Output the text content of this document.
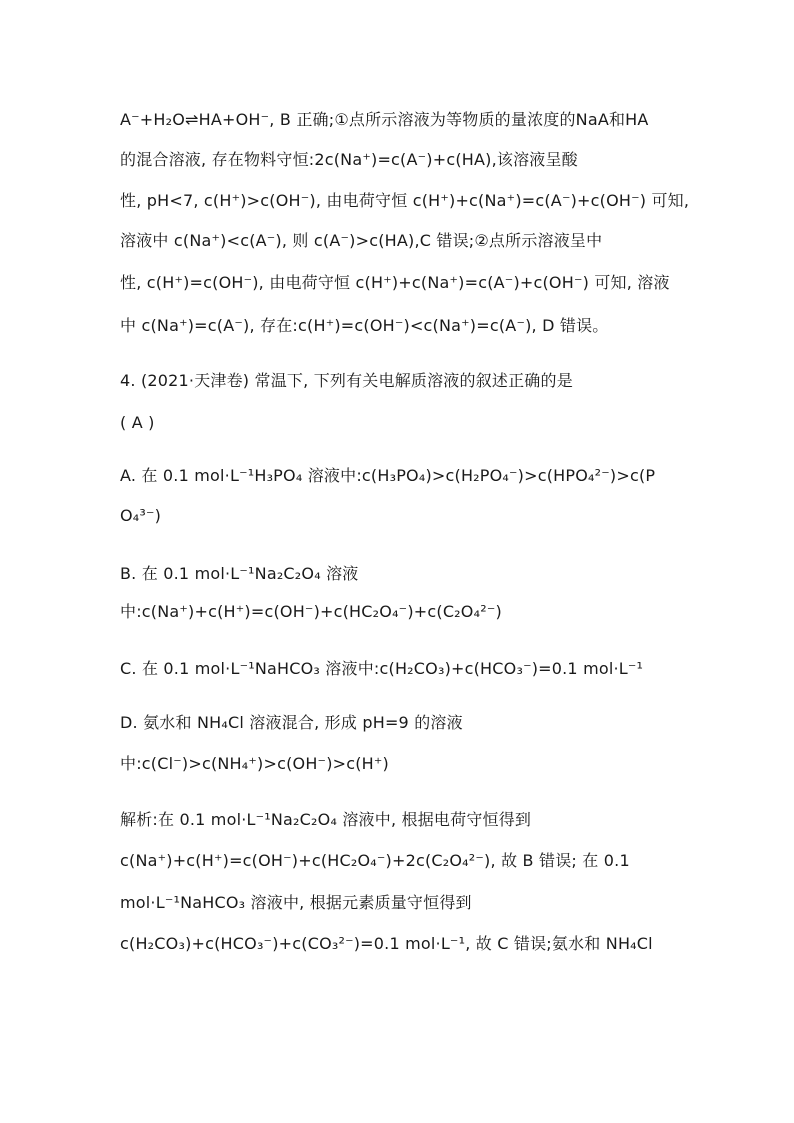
A⁻+H₂O⇌HA+OH⁻, B 正确;①点所示溶液为等物质的量浓度的NaA和HA
的混合溶液, 存在物料守恒:2c(Na⁺)=c(A⁻)+c(HA),该溶液呈酸
性, pH<7, c(H⁺)>c(OH⁻), 由电荷守恒 c(H⁺)+c(Na⁺)=c(A⁻)+c(OH⁻) 可知,
溶液中 c(Na⁺)<c(A⁻), 则 c(A⁻)>c(HA),C 错误;②点所示溶液呈中
性, c(H⁺)=c(OH⁻), 由电荷守恒 c(H⁺)+c(Na⁺)=c(A⁻)+c(OH⁻) 可知, 溶液
中 c(Na⁺)=c(A⁻), 存在:c(H⁺)=c(OH⁻)<c(Na⁺)=c(A⁻), D 错误。
4. (2021·天津卷) 常温下, 下列有关电解质溶液的叙述正确的是
( A )
A. 在 0.1 mol·L⁻¹H₃PO₄ 溶液中:c(H₃PO₄)>c(H₂PO₄⁻)>c(HPO₄²⁻)>c(P
O₄³⁻)
B. 在 0.1 mol·L⁻¹Na₂C₂O₄ 溶液
中:c(Na⁺)+c(H⁺)=c(OH⁻)+c(HC₂O₄⁻)+c(C₂O₄²⁻)
C. 在 0.1 mol·L⁻¹NaHCO₃ 溶液中:c(H₂CO₃)+c(HCO₃⁻)=0.1 mol·L⁻¹
D. 氨水和 NH₄Cl 溶液混合, 形成 pH=9 的溶液
中:c(Cl⁻)>c(NH₄⁺)>c(OH⁻)>c(H⁺)
解析:在 0.1 mol·L⁻¹Na₂C₂O₄ 溶液中, 根据电荷守恒得到
c(Na⁺)+c(H⁺)=c(OH⁻)+c(HC₂O₄⁻)+2c(C₂O₄²⁻), 故 B 错误; 在 0.1
mol·L⁻¹NaHCO₃ 溶液中, 根据元素质量守恒得到
c(H₂CO₃)+c(HCO₃⁻)+c(CO₃²⁻)=0.1 mol·L⁻¹, 故 C 错误;氨水和 NH₄Cl
